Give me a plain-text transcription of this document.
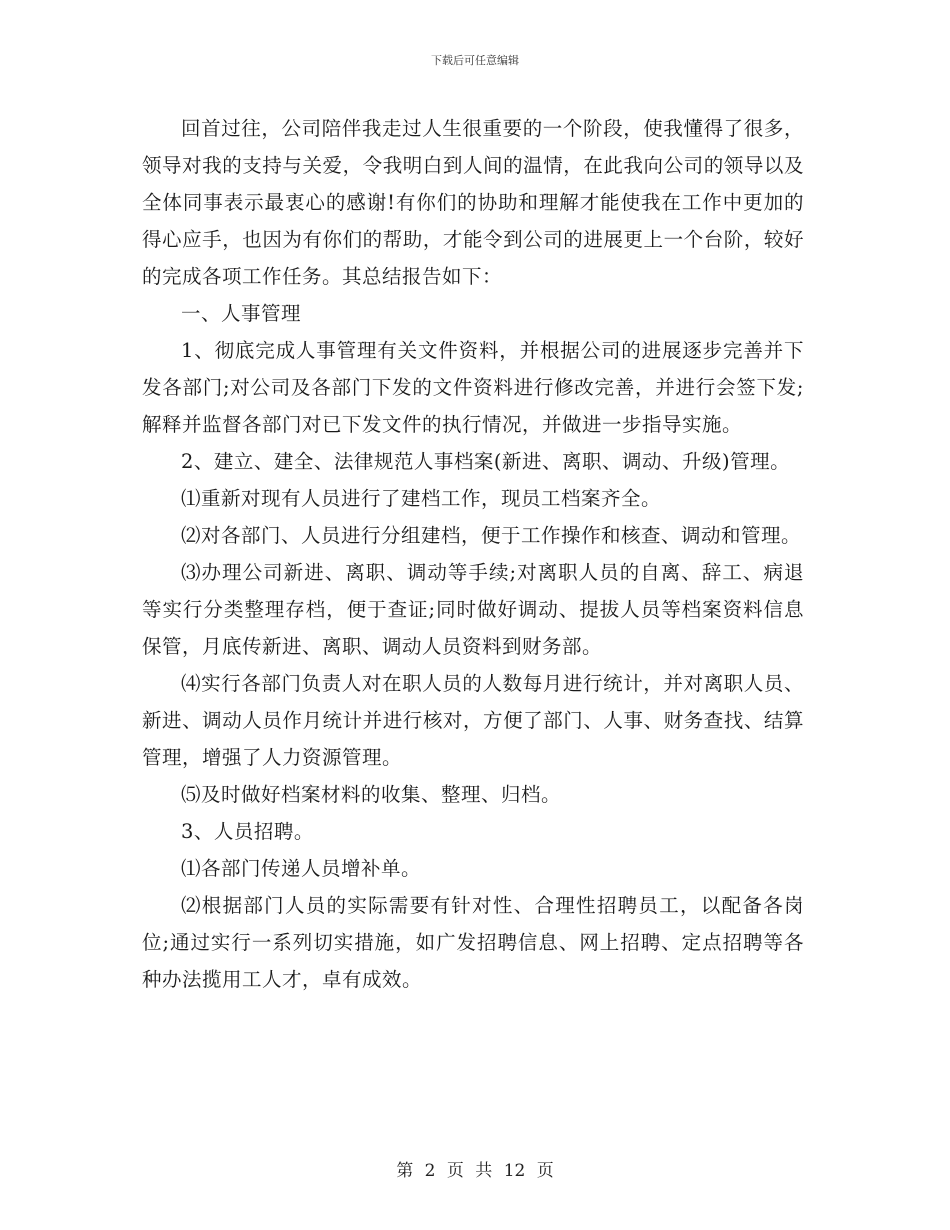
下载后可任意编辑

回首过往，公司陪伴我走过人生很重要的一个阶段，使我懂得了很多，领导对我的支持与关爱，令我明白到人间的温情，在此我向公司的领导以及全体同事表示最衷心的感谢!有你们的协助和理解才能使我在工作中更加的得心应手，也因为有你们的帮助，才能令到公司的进展更上一个台阶，较好的完成各项工作任务。其总结报告如下：

一、人事管理

1、彻底完成人事管理有关文件资料，并根据公司的进展逐步完善并下发各部门;对公司及各部门下发的文件资料进行修改完善，并进行会签下发;解释并监督各部门对已下发文件的执行情况，并做进一步指导实施。

2、建立、建全、法律规范人事档案(新进、离职、调动、升级)管理。

⑴重新对现有人员进行了建档工作，现员工档案齐全。

⑵对各部门、人员进行分组建档，便于工作操作和核查、调动和管理。

⑶办理公司新进、离职、调动等手续;对离职人员的自离、辞工、病退等实行分类整理存档，便于查证;同时做好调动、提拔人员等档案资料信息保管，月底传新进、离职、调动人员资料到财务部。

⑷实行各部门负责人对在职人员的人数每月进行统计，并对离职人员、新进、调动人员作月统计并进行核对，方便了部门、人事、财务查找、结算管理，增强了人力资源管理。

⑸及时做好档案材料的收集、整理、归档。

3、人员招聘。

⑴各部门传递人员增补单。

⑵根据部门人员的实际需要有针对性、合理性招聘员工，以配备各岗位;通过实行一系列切实措施，如广发招聘信息、网上招聘、定点招聘等各种办法揽用工人才，卓有成效。

第 2 页 共 12 页
